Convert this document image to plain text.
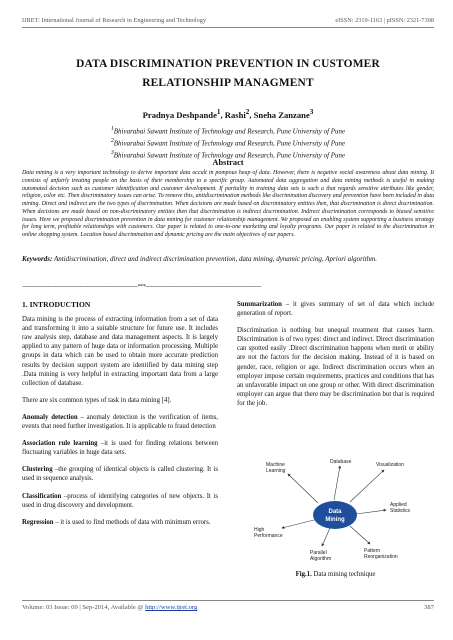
IJRET: International Journal of Research in Engineering and Technology	eISSN: 2319-1163 | pISSN: 2321-7308
DATA DISCRIMINATION PREVENTION IN CUSTOMER
RELATIONSHIP MANAGMENT
Pradnya Deshpande$^1$, Rashi$^2$, Sneha Zanzane$^3$
$^1$Bhivarabai Sawant Institute of Technology and Research, Pune University of Pune
$^2$Bhivarabai Sawant Institute of Technology and Research, Pune University of Pune
$^3$Bhivarabai Sawant Institute of Technology and Research, Pune University of Pune
Abstract
Data mining is a very important technology to derive important data occult in pompous heap of data. However, there is negative social awareness about data mining. It consists of unfairly treating people on the basis of their membership to a specific group. Automated data aggregation and data mining methods is useful in making automated decision such as customer identification and customer development. If partiality in training data sets is such a that regards sensitive attributes like gender, religion, color etc. Then discriminatory issues can arise. To remove this, antidiscrimination methods like discrimination discovery and prevention have been included in data mining. Direct and indirect are the two types of discrimination. When decisions are made based on discriminatory entities then, that discrimination is direct discrimination. When decisions are made based on non-discriminatory entities then that discrimination is indirect discrimination. Indirect discrimination corresponds to biased sensitive issues. Here we proposed discrimination prevention in data mining for customer relationship management. We proposed an enabling system supporting a business strategy for long term, profitable relationships with customers. Our paper is related to one-to-one marketing and loyalty programs. Our paper is related to the discrimination in online shopping system. Location based discrimination and dynamic pricing are the main objectives of our papers.
Keywords: Antidiscrimination, direct and indirect discrimination prevention, data mining, dynamic pricing, Apriori algorithm.
--------------------------------------------------------------------***--------------------------------------------------------------------

1. INTRODUCTION

Data mining is the process of extracting information from a set of data and transforming it into a suitable structure for future use. It includes raw analysis step, database and data management aspects. It is largely applied to any pattern of huge data or information processing. Multiple groups in data which can be used to obtain more accurate prediction results by decision support system are identified by data mining step .Data mining is very helpful in extracting important data from a large collection of database.

There are six common types of task in data mining [4].

Anomaly detection – anomaly detection is the verification of items, events that need further investigation. It is applicable to fraud detection

Association rule learning –it is used for finding relations between fluctuating variables in huge data sets.

Clustering –the grouping of identical objects is called clustering. It is used in sequence analysis.

Classification –process of identifying categories of new objects. It is used in drug discovery and development.

Regression – it is used to find methods of data with minimum errors.

Summarization – it gives summary of set of data which include generation of report.

Discrimination is nothing but unequal treatment that causes harm. Discrimination is of two types: direct and indirect. Direct discrimination can spotted easily .Direct discrimination happens when merit or ability are not the factors for the decision making. Instead of it is based on gender, race, religion or age. Indirect discrimination occurs when an employer impose certain requirements, practices and conditions that has an unfavorable impact on one group or other. With direct discrimination employer can argue that there may be discrimination but that is required for the job.

Data
Mining
Machine
Learning
Database	Visualization
Applied
Statistics
High
Performance
Parallel
Algorithm
Pattern
Reorganization
Fig.1. Data mining technique
Volume: 03 Issue: 09 | Sep-2014, Available @ http://www.ijret.org	387
